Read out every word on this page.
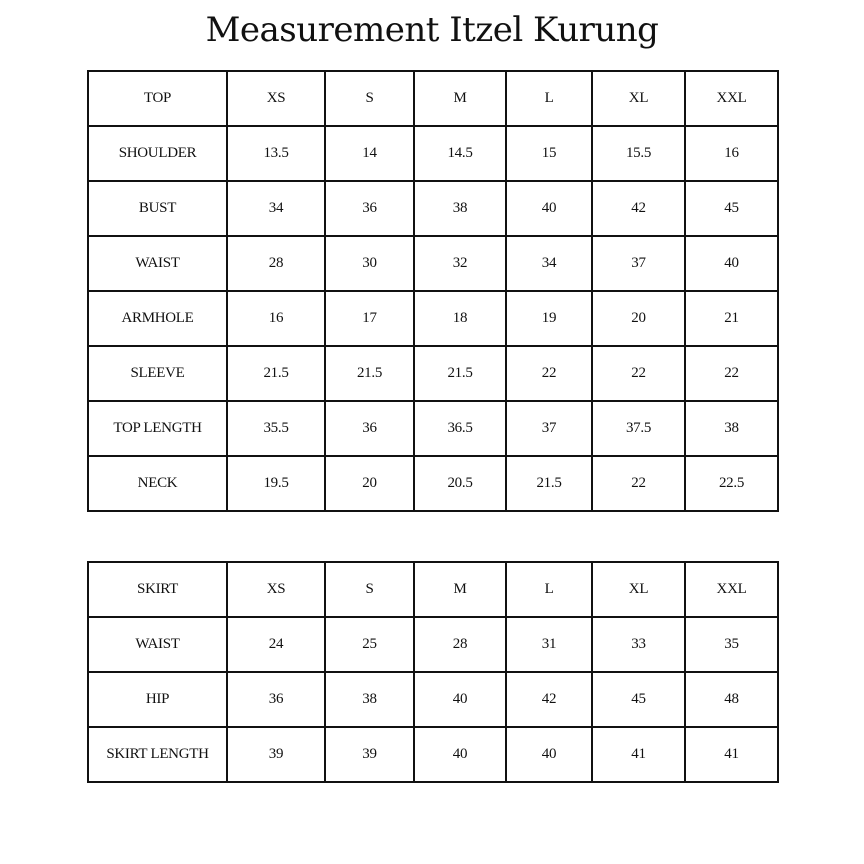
Measurement Itzel Kurung
TOP	XS	S	M	L	XL	XXL
SHOULDER	13.5	14	14.5	15	15.5	16
BUST	34	36	38	40	42	45
WAIST	28	30	32	34	37	40
ARMHOLE	16	17	18	19	20	21
SLEEVE	21.5	21.5	21.5	22	22	22
TOP LENGTH	35.5	36	36.5	37	37.5	38
NECK	19.5	20	20.5	21.5	22	22.5
SKIRT	XS	S	M	L	XL	XXL
WAIST	24	25	28	31	33	35
HIP	36	38	40	42	45	48
SKIRT LENGTH	39	39	40	40	41	41
